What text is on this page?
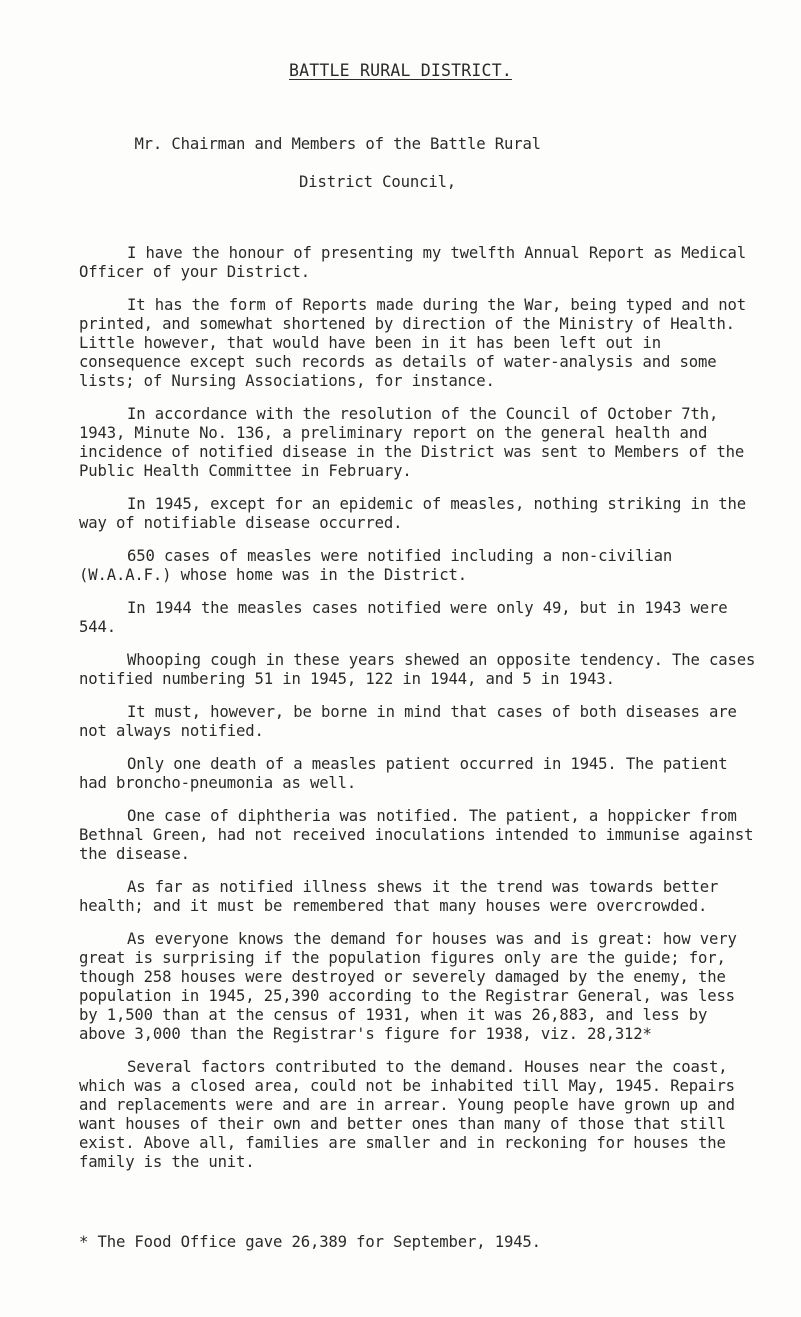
BATTLE RURAL DISTRICT.

Mr. Chairman and Members of the Battle Rural

District Council,

I have the honour of presenting my twelfth Annual Report as Medical Officer of your District.

It has the form of Reports made during the War, being typed and not printed, and somewhat shortened by direction of the Ministry of Health. Little however, that would have been in it has been left out in consequence except such records as details of water-analysis and some lists; of Nursing Associations, for instance.

In accordance with the resolution of the Council of October 7th, 1943, Minute No. 136, a preliminary report on the general health and incidence of notified disease in the District was sent to Members of the Public Health Committee in February.

In 1945, except for an epidemic of measles, nothing striking in the way of notifiable disease occurred.

650 cases of measles were notified including a non-civilian (W.A.A.F.) whose home was in the District.

In 1944 the measles cases notified were only 49, but in 1943 were 544.

Whooping cough in these years shewed an opposite tendency. The cases notified numbering 51 in 1945, 122 in 1944, and 5 in 1943.

It must, however, be borne in mind that cases of both diseases are not always notified.

Only one death of a measles patient occurred in 1945. The patient had broncho-pneumonia as well.

One case of diphtheria was notified. The patient, a hoppicker from Bethnal Green, had not received inoculations intended to immunise against the disease.

As far as notified illness shews it the trend was towards better health; and it must be remembered that many houses were overcrowded.

As everyone knows the demand for houses was and is great: how very great is surprising if the population figures only are the guide; for, though 258 houses were destroyed or severely damaged by the enemy, the population in 1945, 25,390 according to the Registrar General, was less by 1,500 than at the census of 1931, when it was 26,883, and less by above 3,000 than the Registrar's figure for 1938, viz. 28,312*

Several factors contributed to the demand. Houses near the coast, which was a closed area, could not be inhabited till May, 1945. Repairs and replacements were and are in arrear. Young people have grown up and want houses of their own and better ones than many of those that still exist. Above all, families are smaller and in reckoning for houses the family is the unit.

* The Food Office gave 26,389 for September, 1945.
